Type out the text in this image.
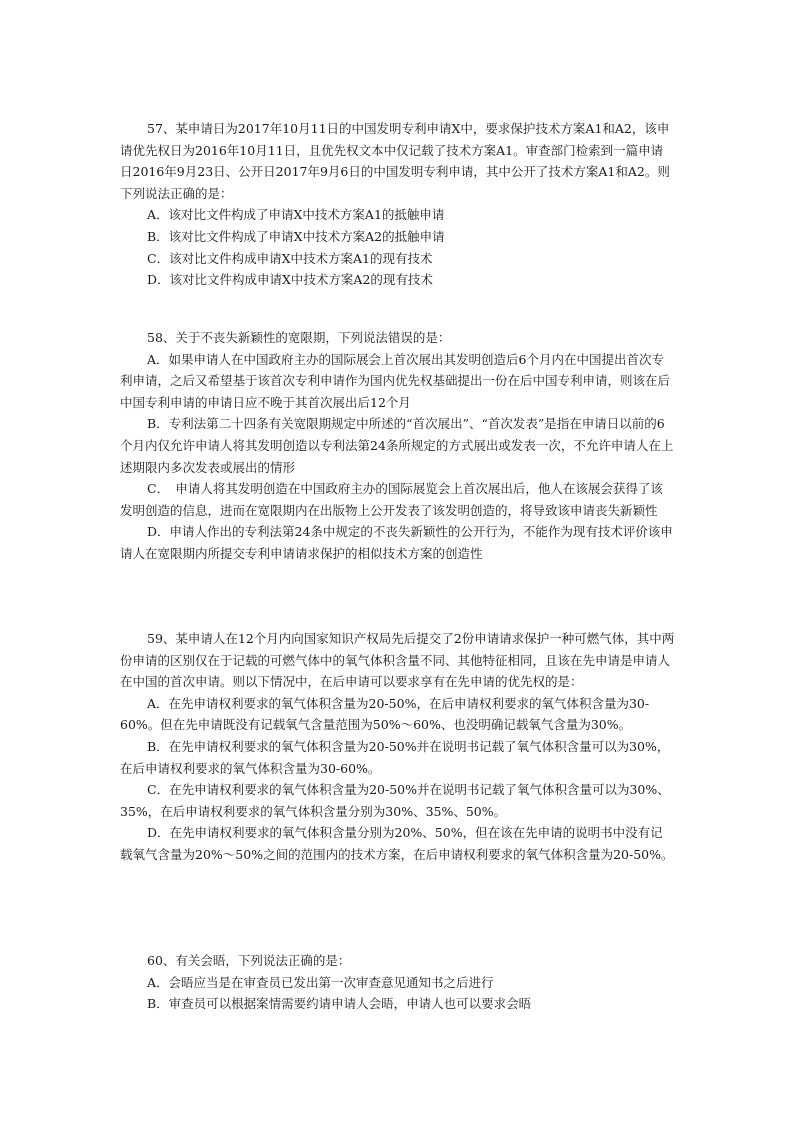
57、某申请日为2017年10月11日的中国发明专利申请X中，要求保护技术方案A1和A2，该申请优先权日为2016年10月11日，且优先权文本中仅记载了技术方案A1。审查部门检索到一篇申请日2016年9月23日、公开日2017年9月6日的中国发明专利申请，其中公开了技术方案A1和A2。则下列说法正确的是：

A．该对比文件构成了申请X中技术方案A1的抵触申请

B．该对比文件构成了申请X中技术方案A2的抵触申请

C．该对比文件构成申请X中技术方案A1的现有技术

D．该对比文件构成申请X中技术方案A2的现有技术

58、关于不丧失新颖性的宽限期，下列说法错误的是：

A．如果申请人在中国政府主办的国际展会上首次展出其发明创造后6个月内在中国提出首次专利申请，之后又希望基于该首次专利申请作为国内优先权基础提出一份在后中国专利申请，则该在后中国专利申请的申请日应不晚于其首次展出后12个月

B．专利法第二十四条有关宽限期规定中所述的“首次展出”、“首次发表”是指在申请日以前的6个月内仅允许申请人将其发明创造以专利法第24条所规定的方式展出或发表一次，不允许申请人在上述期限内多次发表或展出的情形

C．　申请人将其发明创造在中国政府主办的国际展览会上首次展出后，他人在该展会获得了该发明创造的信息，进而在宽限期内在出版物上公开发表了该发明创造的，将导致该申请丧失新颖性

D．申请人作出的专利法第24条中规定的不丧失新颖性的公开行为，不能作为现有技术评价该申请人在宽限期内所提交专利申请请求保护的相似技术方案的创造性

59、某申请人在12个月内向国家知识产权局先后提交了2份申请请求保护一种可燃气体，其中两份申请的区别仅在于记载的可燃气体中的氧气体积含量不同、其他特征相同，且该在先申请是申请人在中国的首次申请。则以下情况中，在后申请可以要求享有在先申请的优先权的是：

A．在先申请权利要求的氧气体积含量为20-50%，在后申请权利要求的氧气体积含量为30-60%。但在先申请既没有记载氧气含量范围为50%～60%、也没明确记载氧气含量为30%。

B．在先申请权利要求的氧气体积含量为20-50%并在说明书记载了氧气体积含量可以为30%，在后申请权利要求的氧气体积含量为30-60%。

C．在先申请权利要求的氧气体积含量为20-50%并在说明书记载了氧气体积含量可以为30%、35%，在后申请权利要求的氧气体积含量分别为30%、35%、50%。

D．在先申请权利要求的氧气体积含量分别为20%、50%，但在该在先申请的说明书中没有记载氧气含量为20%～50%之间的范围内的技术方案，在后申请权利要求的氧气体积含量为20-50%。

60、有关会晤，下列说法正确的是：

A．会晤应当是在审查员已发出第一次审查意见通知书之后进行

B．审查员可以根据案情需要约请申请人会晤，申请人也可以要求会晤
